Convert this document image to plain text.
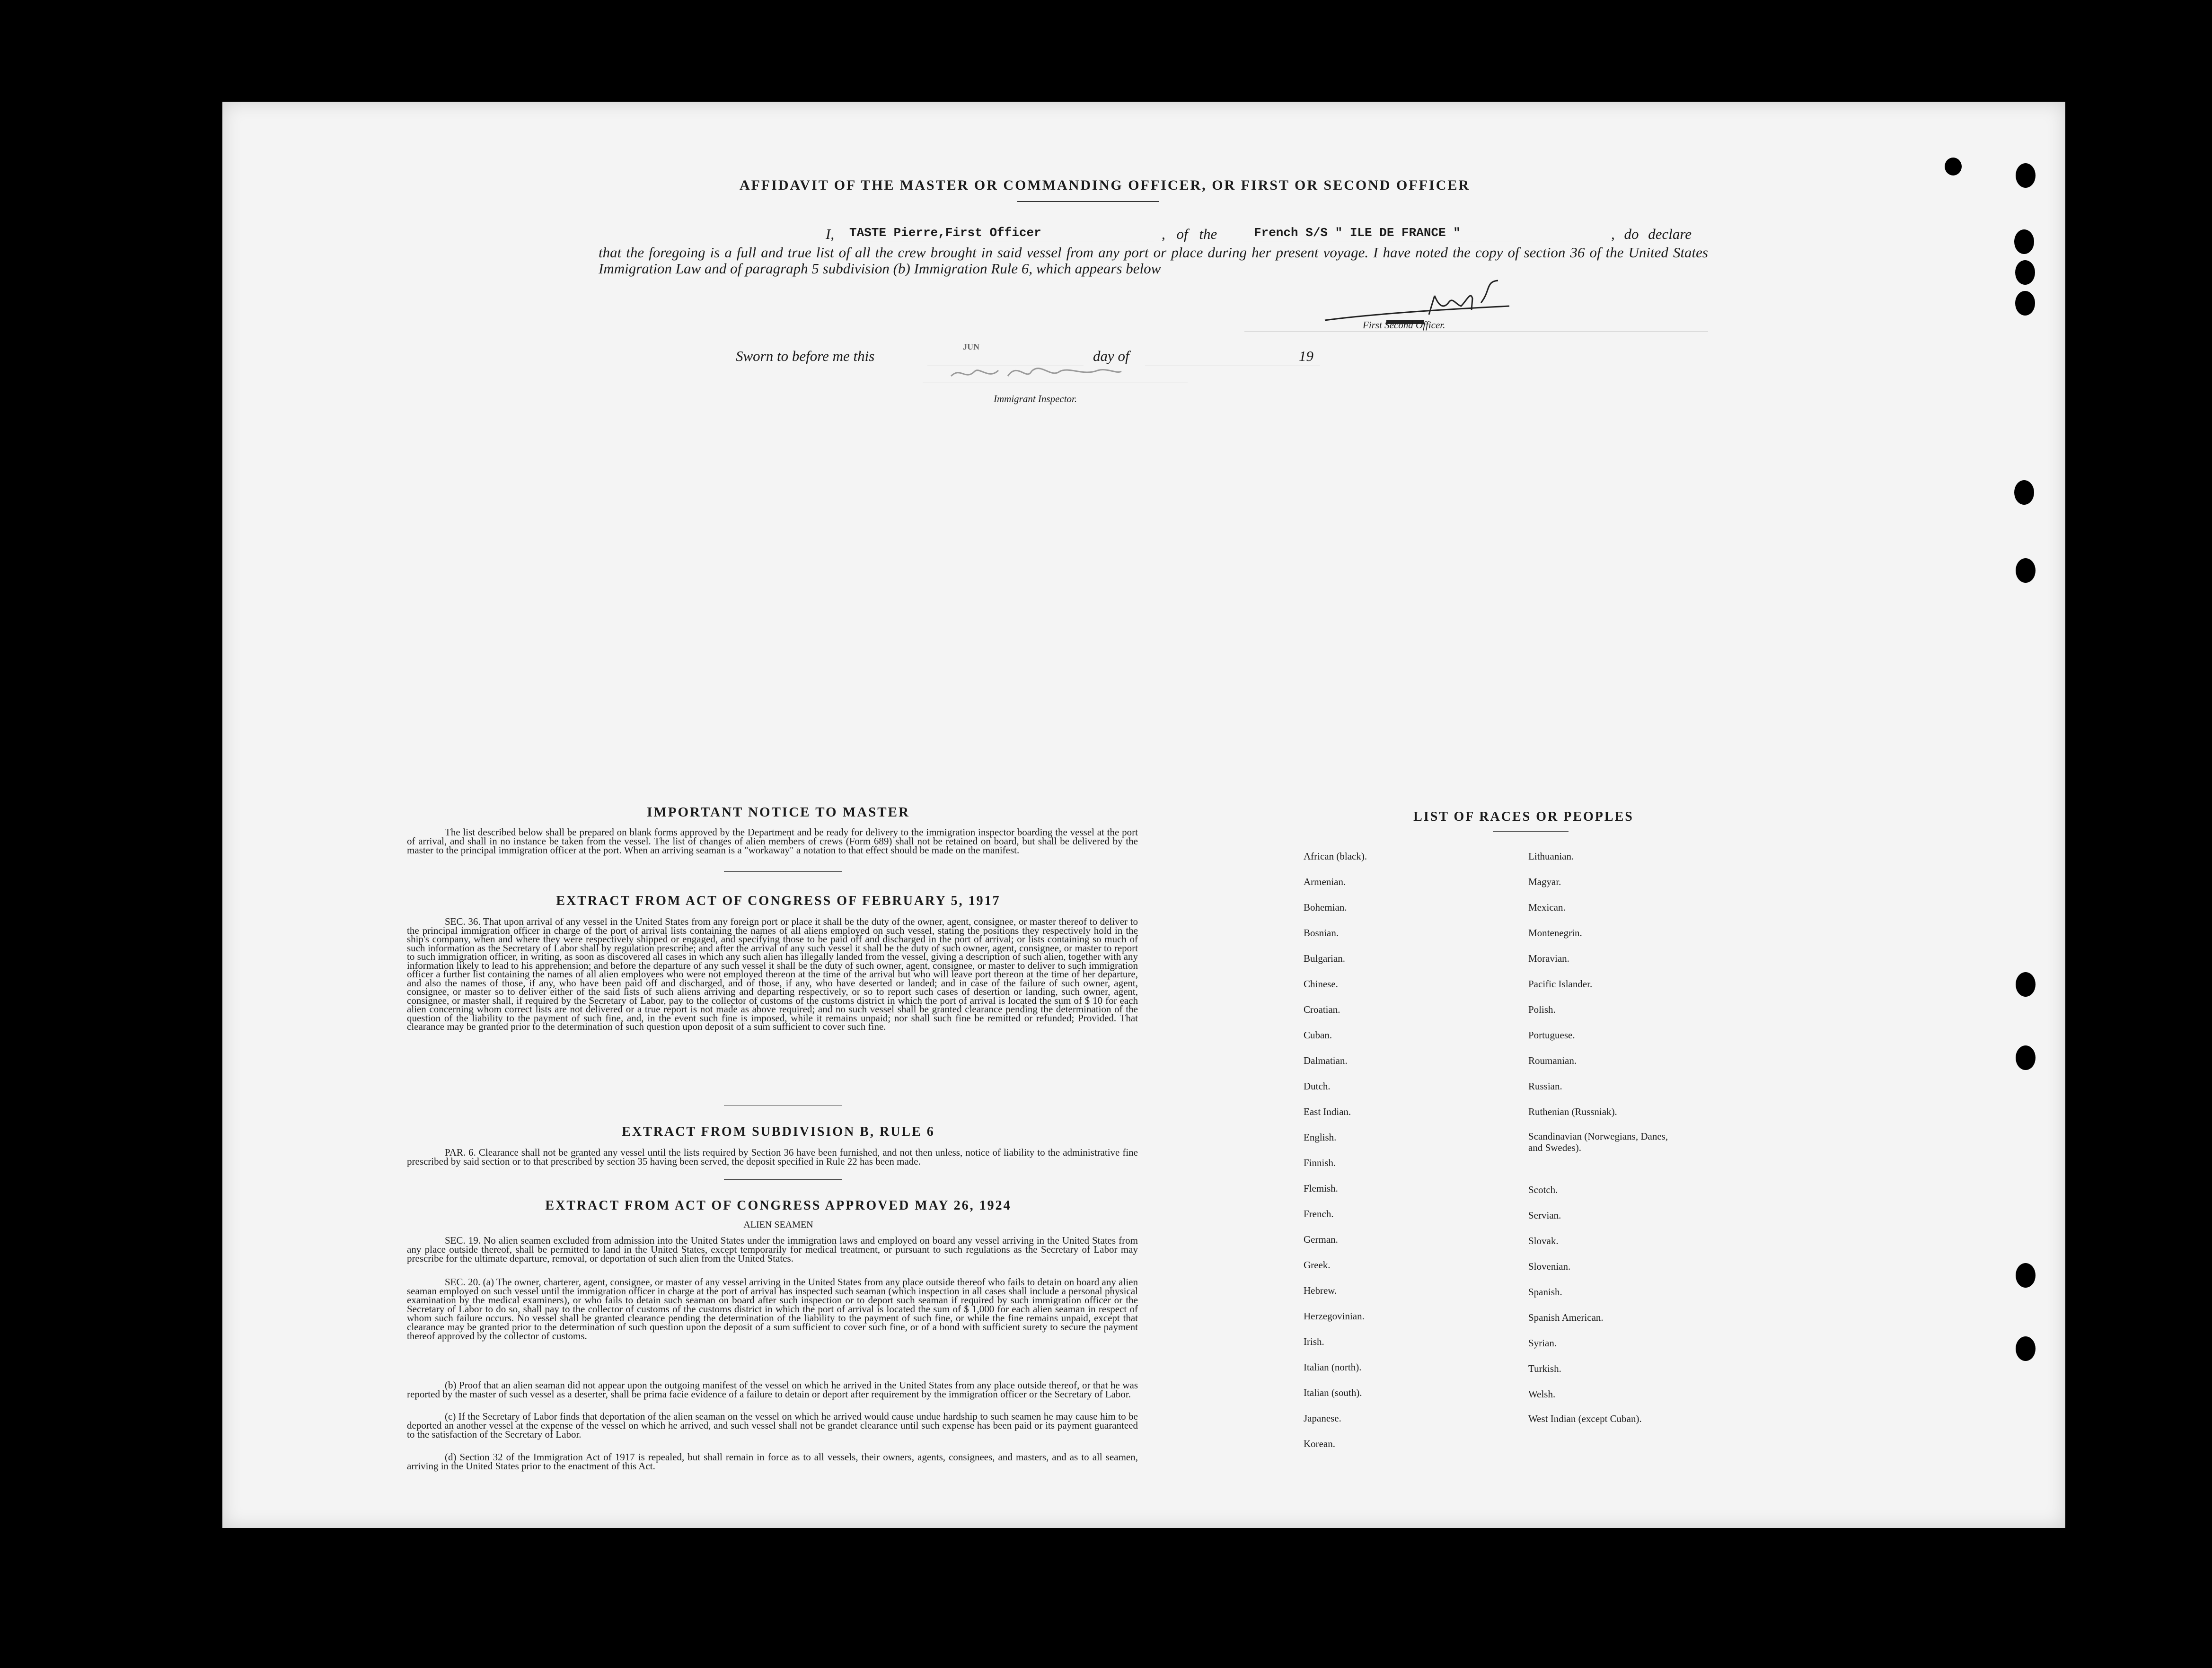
AFFIDAVIT OF THE MASTER OR COMMANDING OFFICER, OR FIRST OR SECOND OFFICER
I, TASTE Pierre,First Officer	, of the	French S/S " ILE DE FRANCE "	, do declare
that the foregoing is a full and true list of all the crew brought in said vessel from any port or place during her present voyage. I have noted the copy of section 36 of the United States Immigration Law and of paragraph 5 subdivision (b) Immigration Rule 6, which appears below
First Second Officer.
Sworn to before me this
JUN
day of	19
Immigrant Inspector.
IMPORTANT NOTICE TO MASTER
The list described below shall be prepared on blank forms approved by the Department and be ready for delivery to the immigration inspector boarding the vessel at the port of arrival, and shall in no instance be taken from the vessel. The list of changes of alien members of crews (Form 689) shall not be retained on board, but shall be delivered by the master to the principal immigration officer at the port. When an arriving seaman is a "workaway" a notation to that effect should be made on the manifest.
EXTRACT FROM ACT OF CONGRESS OF FEBRUARY 5, 1917
SEC. 36. That upon arrival of any vessel in the United States from any foreign port or place it shall be the duty of the owner, agent, consignee, or master thereof to deliver to the principal immigration officer in charge of the port of arrival lists containing the names of all aliens employed on such vessel, stating the positions they respectively hold in the ship's company, when and where they were respectively shipped or engaged, and specifying those to be paid off and discharged in the port of arrival; or lists containing so much of such information as the Secretary of Labor shall by regulation prescribe; and after the arrival of any such vessel it shall be the duty of such owner, agent, consignee, or master to report to such immigration officer, in writing, as soon as discovered all cases in which any such alien has illegally landed from the vessel, giving a description of such alien, together with any information likely to lead to his apprehension; and before the departure of any such vessel it shall be the duty of such owner, agent, consignee, or master to deliver to such immigration officer a further list containing the names of all alien employees who were not employed thereon at the time of the arrival but who will leave port thereon at the time of her departure, and also the names of those, if any, who have been paid off and discharged, and of those, if any, who have deserted or landed; and in case of the failure of such owner, agent, consignee, or master so to deliver either of the said lists of such aliens arriving and departing respectively, or so to report such cases of desertion or landing, such owner, agent, consignee, or master shall, if required by the Secretary of Labor, pay to the collector of customs of the customs district in which the port of arrival is located the sum of $ 10 for each alien concerning whom correct lists are not delivered or a true report is not made as above required; and no such vessel shall be granted clearance pending the determination of the question of the liability to the payment of such fine, and, in the event such fine is imposed, while it remains unpaid; nor shall such fine be remitted or refunded; Provided. That clearance may be granted prior to the determination of such question upon deposit of a sum sufficient to cover such fine.
EXTRACT FROM SUBDIVISION B, RULE 6
PAR. 6. Clearance shall not be granted any vessel until the lists required by Section 36 have been furnished, and not then unless, notice of liability to the administrative fine prescribed by said section or to that prescribed by section 35 having been served, the deposit specified in Rule 22 has been made.
EXTRACT FROM ACT OF CONGRESS APPROVED MAY 26, 1924
ALIEN SEAMEN
SEC. 19. No alien seamen excluded from admission into the United States under the immigration laws and employed on board any vessel arriving in the United States from any place outside thereof, shall be permitted to land in the United States, except temporarily for medical treatment, or pursuant to such regulations as the Secretary of Labor may prescribe for the ultimate departure, removal, or deportation of such alien from the United States.
SEC. 20. (a) The owner, charterer, agent, consignee, or master of any vessel arriving in the United States from any place outside thereof who fails to detain on board any alien seaman employed on such vessel until the immigration officer in charge at the port of arrival has inspected such seaman (which inspection in all cases shall include a personal physical examination by the medical examiners), or who fails to detain such seaman on board after such inspection or to deport such seaman if required by such immigration officer or the Secretary of Labor to do so, shall pay to the collector of customs of the customs district in which the port of arrival is located the sum of $ 1,000 for each alien seaman in respect of whom such failure occurs. No vessel shall be granted clearance pending the determination of the liability to the payment of such fine, or while the fine remains unpaid, except that clearance may be granted prior to the determination of such question upon the deposit of a sum sufficient to cover such fine, or of a bond with sufficient surety to secure the payment thereof approved by the collector of customs.
(b) Proof that an alien seaman did not appear upon the outgoing manifest of the vessel on which he arrived in the United States from any place outside thereof, or that he was reported by the master of such vessel as a deserter, shall be prima facie evidence of a failure to detain or deport after requirement by the immigration officer or the Secretary of Labor.
(c) If the Secretary of Labor finds that deportation of the alien seaman on the vessel on which he arrived would cause undue hardship to such seamen he may cause him to be deported an another vessel at the expense of the vessel on which he arrived, and such vessel shall not be grandet clearance until such expense has been paid or its payment guaranteed to the satisfaction of the Secretary of Labor.
(d) Section 32 of the Immigration Act of 1917 is repealed, but shall remain in force as to all vessels, their owners, agents, consignees, and masters, and as to all seamen, arriving in the United States prior to the enactment of this Act.
LIST OF RACES OR PEOPLES
African (black).
Armenian.
Bohemian.
Bosnian.
Bulgarian.
Chinese.
Croatian.
Cuban.
Dalmatian.
Dutch.
East Indian.
English.
Finnish.
Flemish.
French.
German.
Greek.
Hebrew.
Herzegovinian.
Irish.
Italian (north).
Italian (south).
Japanese.
Korean.
Lithuanian.
Magyar.
Mexican.
Montenegrin.
Moravian.
Pacific Islander.
Polish.
Portuguese.
Roumanian.
Russian.
Ruthenian (Russniak).
Scandinavian (Norwegians, Danes, and Swedes).
Scotch.
Servian.
Slovak.
Slovenian.
Spanish.
Spanish American.
Syrian.
Turkish.
Welsh.
West Indian (except Cuban).
